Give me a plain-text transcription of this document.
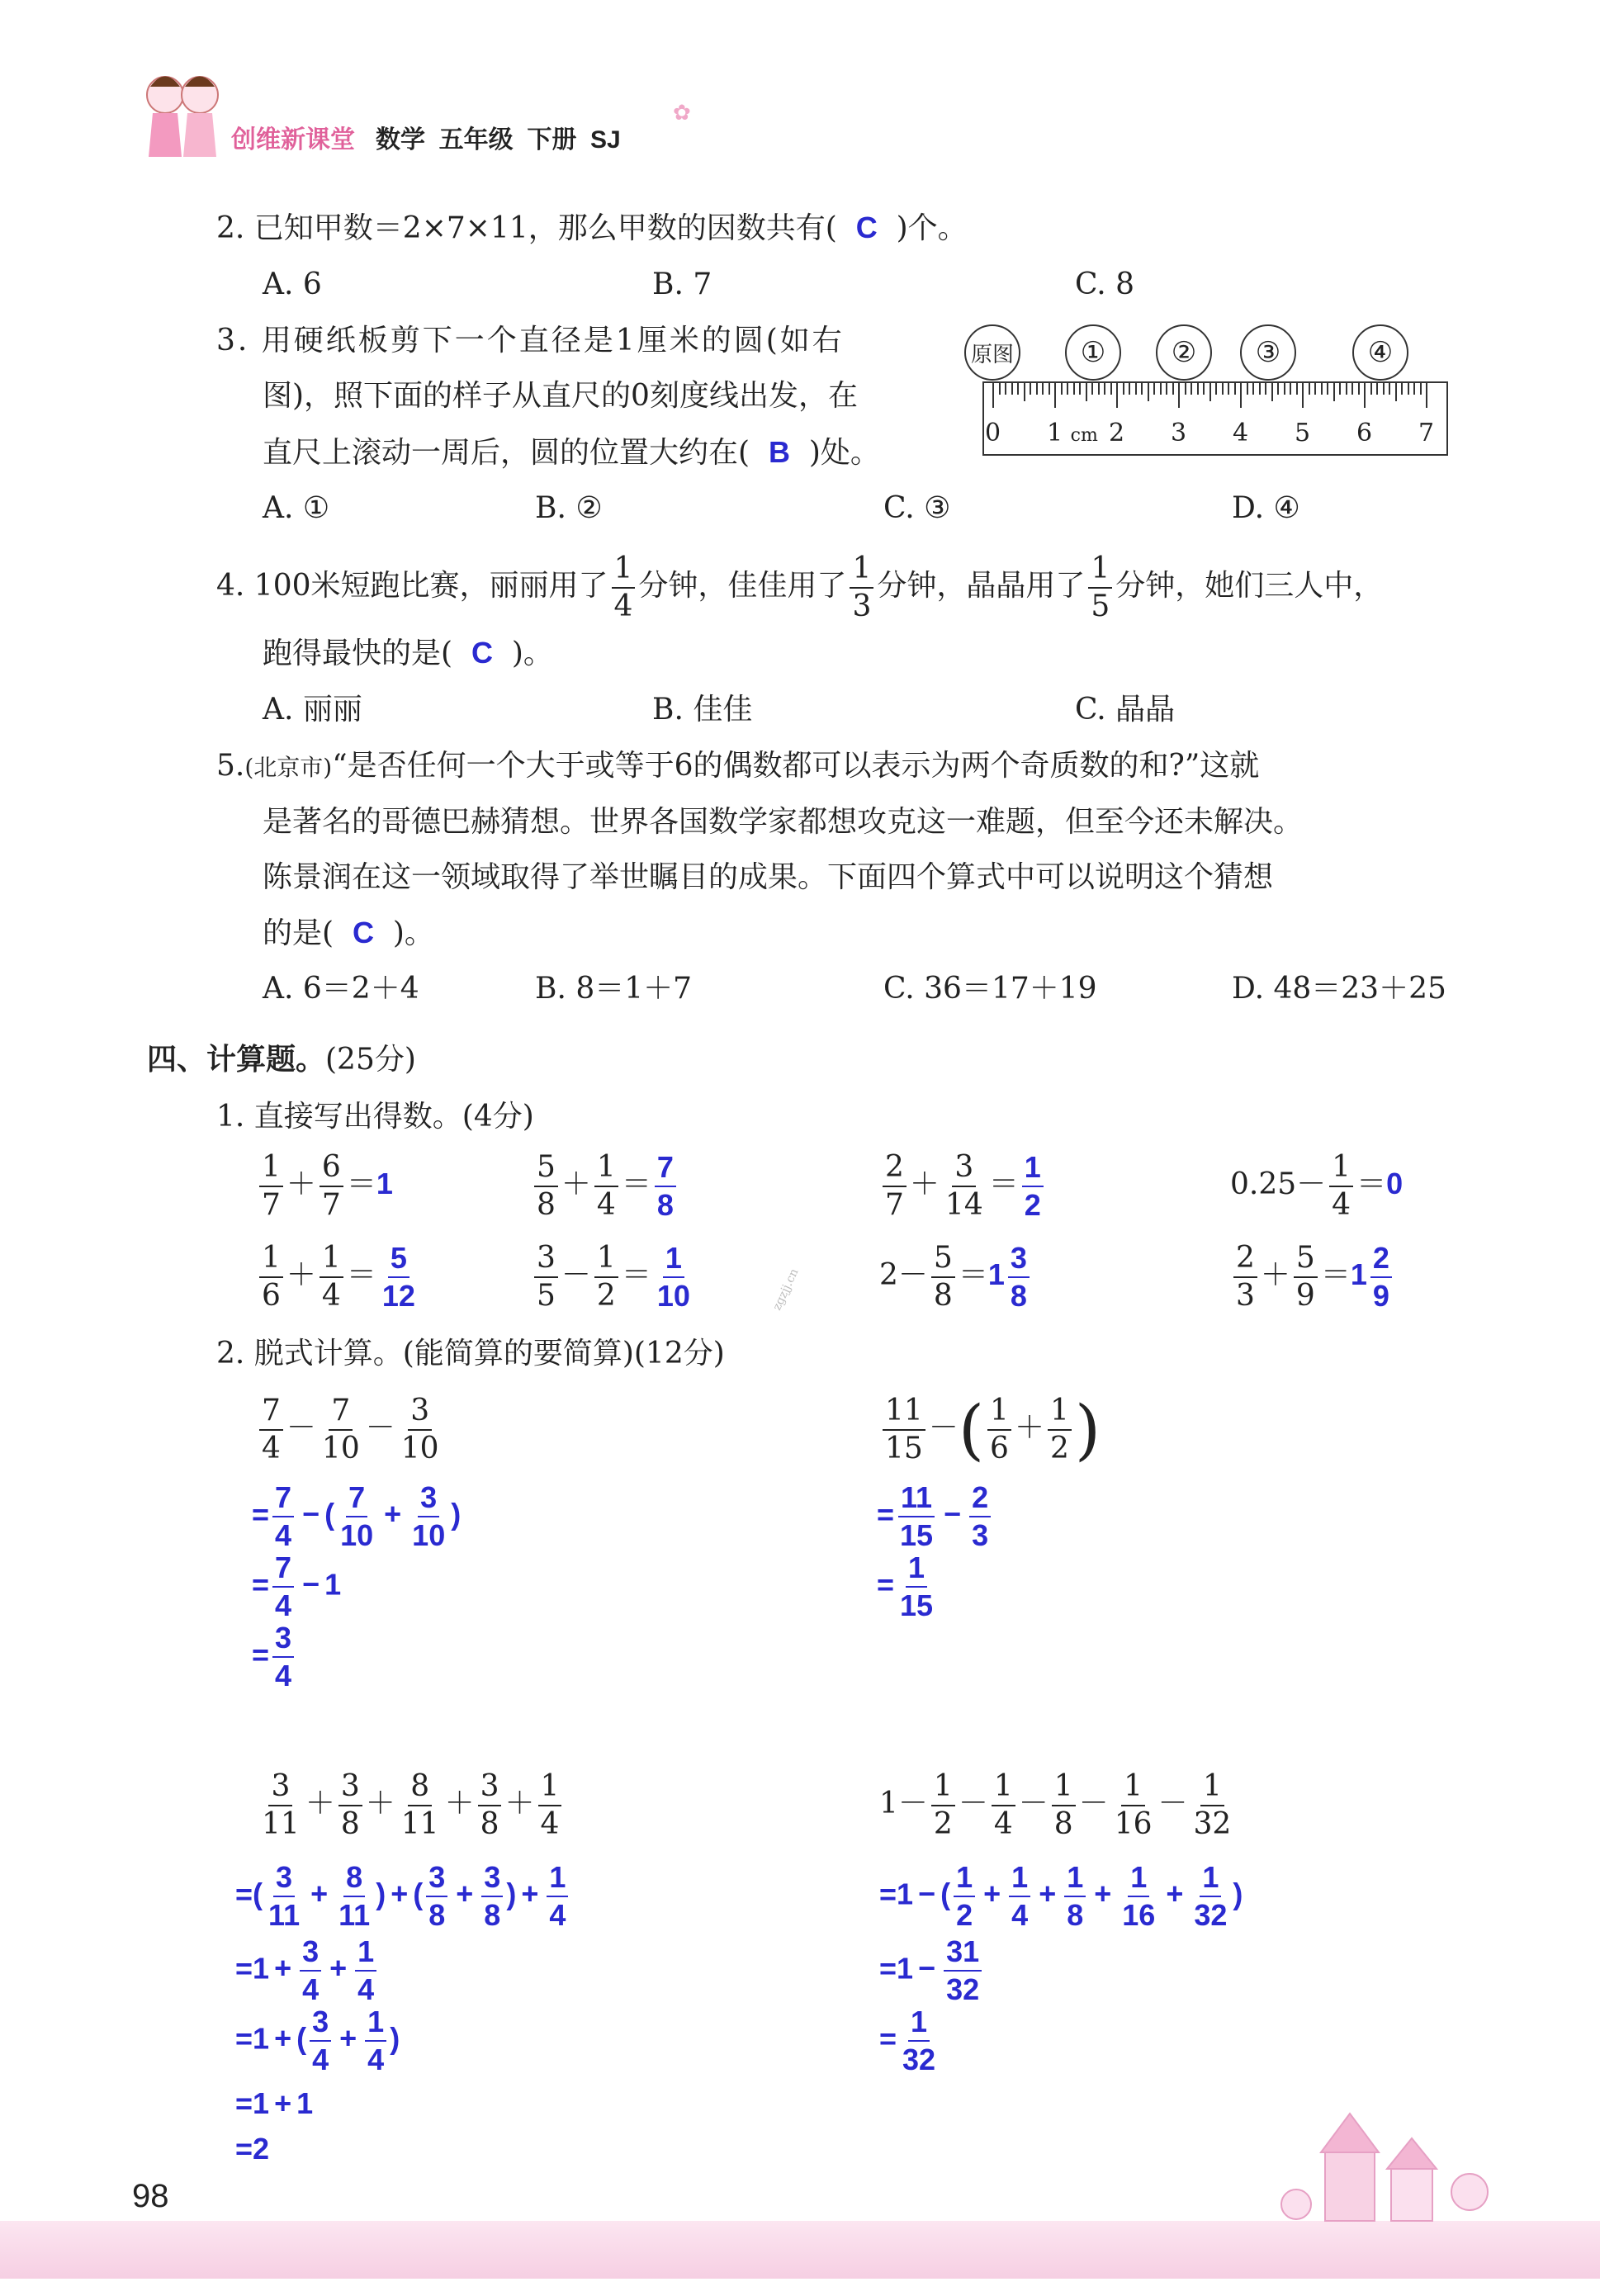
创维新课堂 数学 五年级 下册 SJ
✿
2. 已知甲数＝2×7×11，那么甲数的因数共有( C )个。
A. 6	B. 7	C. 8
3. 用硬纸板剪下一个直径是1厘米的圆(如右
图)，照下面的样子从直尺的0刻度线出发，在
直尺上滚动一周后，圆的位置大约在( B )处。
A. ①	B. ②	C. ③	D. ④
原图	①	②	③	④
0 1 cm 2 3 4 5 6 7
4. 100米短跑比赛，丽丽用了 $\frac{1}{4}$ 分钟，佳佳用了 $\frac{1}{3}$ 分钟，晶晶用了 $\frac{1}{5}$ 分钟，她们三人中，
跑得最快的是( C )。
A. 丽丽	B. 佳佳	C. 晶晶
5.(北京市)“是否任何一个大于或等于6的偶数都可以表示为两个奇质数的和?”这就
是著名的哥德巴赫猜想。世界各国数学家都想攻克这一难题，但至今还未解决。
陈景润在这一领域取得了举世瞩目的成果。下面四个算式中可以说明这个猜想
的是( C )。
A. 6＝2＋4	B. 8＝1＋7	C. 36＝17＋19	D. 48＝23＋25
四、计算题。(25分)
1. 直接写出得数。(4分)
$\frac{1}{7} + \frac{6}{7} =1$	$\frac{5}{8} + \frac{1}{4} = \frac{7}{8}$	$\frac{2}{7} + \frac{3}{14} = \frac{1}{2}$	$0.25- \frac{1}{4} =0$
$\frac{1}{6} + \frac{1}{4} = \frac{5}{12}$	$\frac{3}{5} - \frac{1}{2} = \frac{1}{10}$	$2- \frac{5}{8} =1 \frac{3}{8}$	$\frac{2}{3} + \frac{5}{9} =1 \frac{2}{9}$
zgzjj.cn
2. 脱式计算。(能简算的要简算)(12分)
$\frac{7}{4} - \frac{7}{10} - \frac{3}{10}$
= $\frac{7}{4}$ − ( $\frac{7}{10} + \frac{3}{10}$ )
= $\frac{7}{4} - 1$
= $\frac{3}{4}$
$\frac{11}{15}$ －( $\frac{1}{6} + \frac{1}{2}$ )
= $\frac{11}{15} - \frac{2}{3}$
= $\frac{1}{15}$
$\frac{3}{11} + \frac{3}{8} + \frac{8}{11} + \frac{3}{8} + \frac{1}{4}$
=( $\frac{3}{11} + \frac{8}{11}$ ) + ( $\frac{3}{8} + \frac{3}{8}$ ) + $\frac{1}{4}$
$=1 + \frac{3}{4} + \frac{1}{4}$
=1 + ( $\frac{3}{4} + \frac{1}{4}$ )
=1 + 1
=2
$1- \frac{1}{2} - \frac{1}{4} - \frac{1}{8} - \frac{1}{16} - \frac{1}{32}$
=1 − ( $\frac{1}{2} + \frac{1}{4} + \frac{1}{8} + \frac{1}{16} + \frac{1}{32}$ )
$=1 - \frac{31}{32}$
= $\frac{1}{32}$
98
